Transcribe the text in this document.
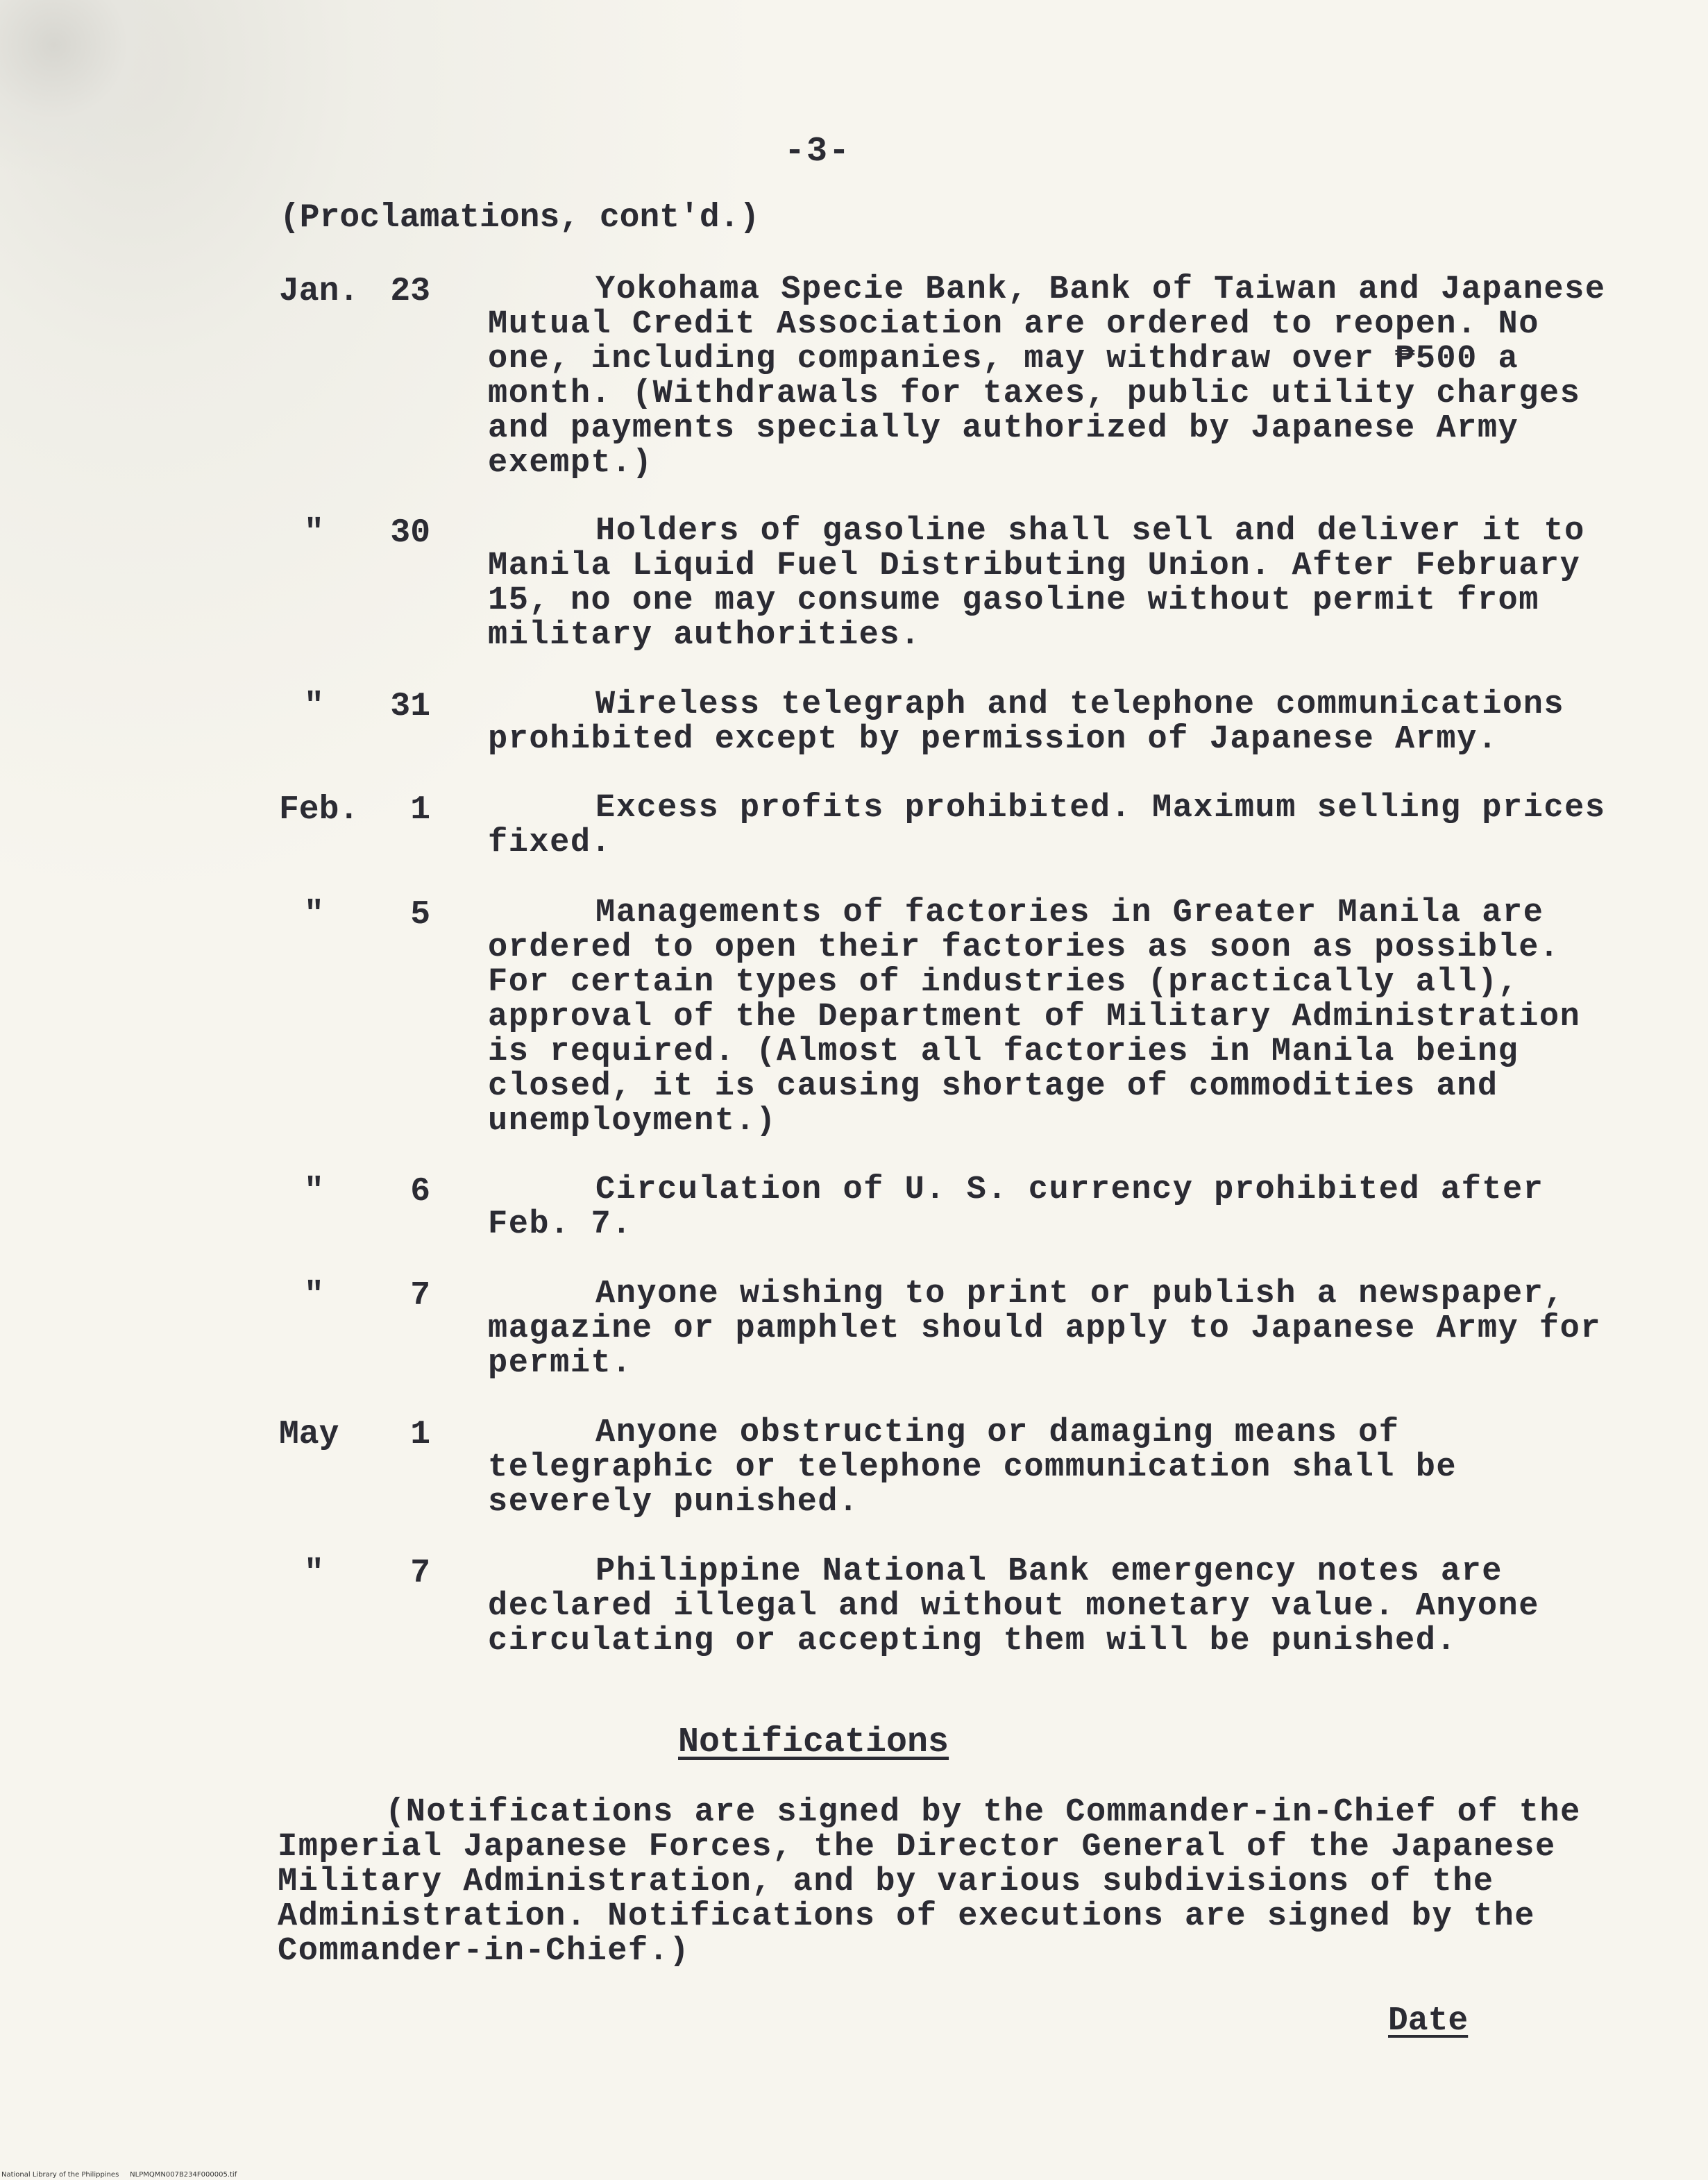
-3-
(Proclamations, cont'd.)
Jan. 23	Yokohama Specie Bank, Bank of Taiwan and Japanese Mutual Credit Association are ordered to reopen. No one, including companies, may withdraw over ₱500 a month. (Withdrawals for taxes, public utility charges and payments specially authorized by Japanese Army exempt.)
"	30	Holders of gasoline shall sell and deliver it to Manila Liquid Fuel Distributing Union. After February 15, no one may consume gasoline without permit from military authorities.
"	31	Wireless telegraph and telephone communications prohibited except by permission of Japanese Army.
Feb.	1	Excess profits prohibited. Maximum selling prices fixed.
"	5	Managements of factories in Greater Manila are ordered to open their factories as soon as possible. For certain types of industries (practically all), approval of the Department of Military Administration is required. (Almost all factories in Manila being closed, it is causing shortage of commodities and unemployment.)
"	6	Circulation of U. S. currency prohibited after Feb. 7.
"	7	Anyone wishing to print or publish a newspaper, magazine or pamphlet should apply to Japanese Army for permit.
May	1	Anyone obstructing or damaging means of telegraphic or telephone communication shall be severely punished.
"	7	Philippine National Bank emergency notes are declared illegal and without monetary value. Anyone circulating or accepting them will be punished.
Notifications
(Notifications are signed by the Commander-in-Chief of the Imperial Japanese Forces, the Director General of the Japanese Military Administration, and by various subdivisions of the Administration. Notifications of executions are signed by the Commander-in-Chief.)
Date
National Library of the Philippines     NLPMQMN007B234F000005.tif
